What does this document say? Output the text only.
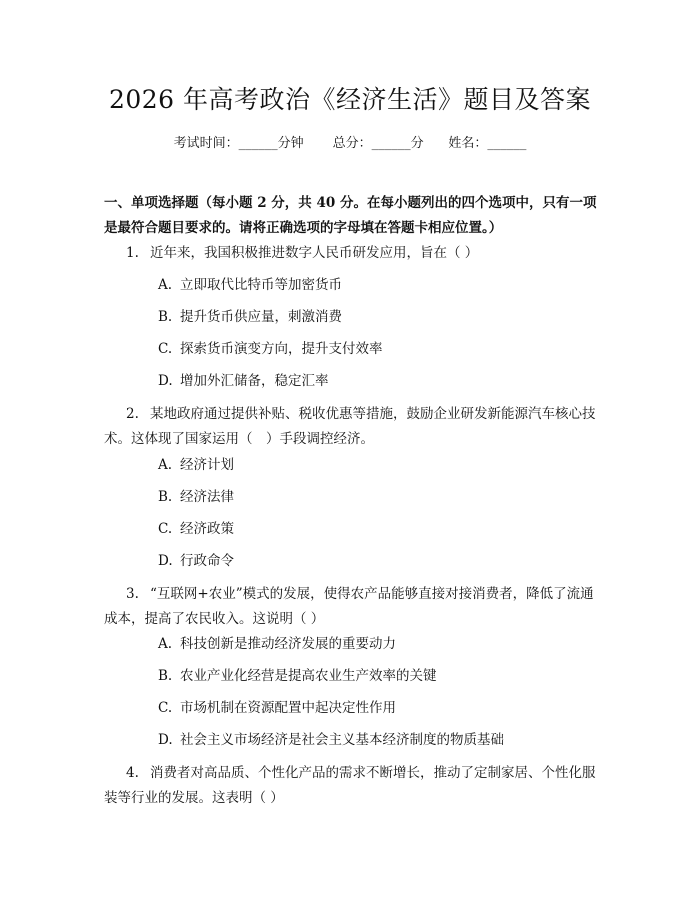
2026 年高考政治《经济生活》题目及答案
考试时间：______分钟 总分：______分 姓名：______
一、单项选择题（每小题 2 分，共 40 分。在每小题列出的四个选项中，只有一项是最符合题目要求的。请将正确选项的字母填在答题卡相应位置。）
1. 近年来，我国积极推进数字人民币研发应用，旨在（ ）
A. 立即取代比特币等加密货币
B. 提升货币供应量，刺激消费
C. 探索货币演变方向，提升支付效率
D. 增加外汇储备，稳定汇率
2. 某地政府通过提供补贴、税收优惠等措施，鼓励企业研发新能源汽车核心技术。这体现了国家运用（　）手段调控经济。
A. 经济计划
B. 经济法律
C. 经济政策
D. 行政命令
3. “互联网+农业”模式的发展，使得农产品能够直接对接消费者，降低了流通成本，提高了农民收入。这说明（ ）
A. 科技创新是推动经济发展的重要动力
B. 农业产业化经营是提高农业生产效率的关键
C. 市场机制在资源配置中起决定性作用
D. 社会主义市场经济是社会主义基本经济制度的物质基础
4. 消费者对高品质、个性化产品的需求不断增长，推动了定制家居、个性化服装等行业的发展。这表明（ ）
